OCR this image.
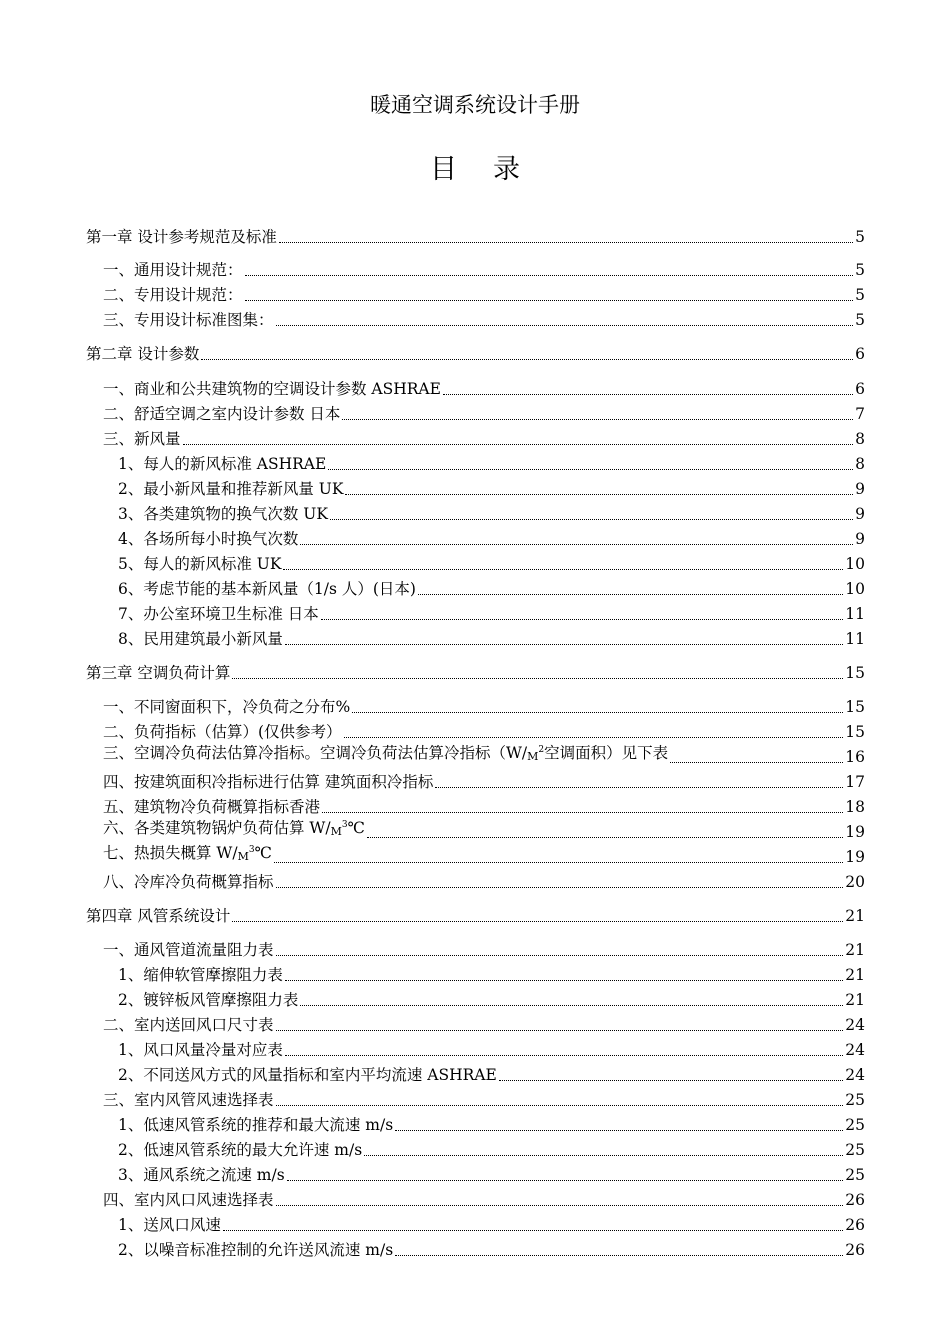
暖通空调系统设计手册
目 录
第一章 设计参考规范及标准	5
一、通用设计规范：	5
二、专用设计规范：	5
三、专用设计标准图集：	5
第二章 设计参数	6
一、商业和公共建筑物的空调设计参数 ASHRAE	6
二、舒适空调之室内设计参数 日本	7
三、新风量	8
1、每人的新风标准 ASHRAE	8
2、最小新风量和推荐新风量 UK	9
3、各类建筑物的换气次数 UK	9
4、各场所每小时换气次数	9
5、每人的新风标准 UK	10
6、考虑节能的基本新风量（1/s 人）(日本)	10
7、办公室环境卫生标准 日本	11
8、民用建筑最小新风量	11
第三章 空调负荷计算	15
一、不同窗面积下，冷负荷之分布%	15
二、负荷指标（估算）(仅供参考）	15
三、空调冷负荷法估算冷指标。空调冷负荷法估算冷指标（$W/_M^2$空调面积）见下表	16
四、按建筑面积冷指标进行估算 建筑面积冷指标	17
五、建筑物冷负荷概算指标香港	18
六、各类建筑物锅炉负荷估算 $W/_M^3℃$	19
七、热损失概算 $W/_M^3℃$	19
八、冷库冷负荷概算指标	20
第四章 风管系统设计	21
一、通风管道流量阻力表	21
1、缩伸软管摩擦阻力表	21
2、镀锌板风管摩擦阻力表	21
二、室内送回风口尺寸表	24
1、风口风量冷量对应表	24
2、不同送风方式的风量指标和室内平均流速 ASHRAE	24
三、室内风管风速选择表	25
1、低速风管系统的推荐和最大流速 m/s	25
2、低速风管系统的最大允许速 m/s	25
3、通风系统之流速 m/s	25
四、室内风口风速选择表	26
1、送风口风速	26
2、以噪音标准控制的允许送风流速 m/s	26
